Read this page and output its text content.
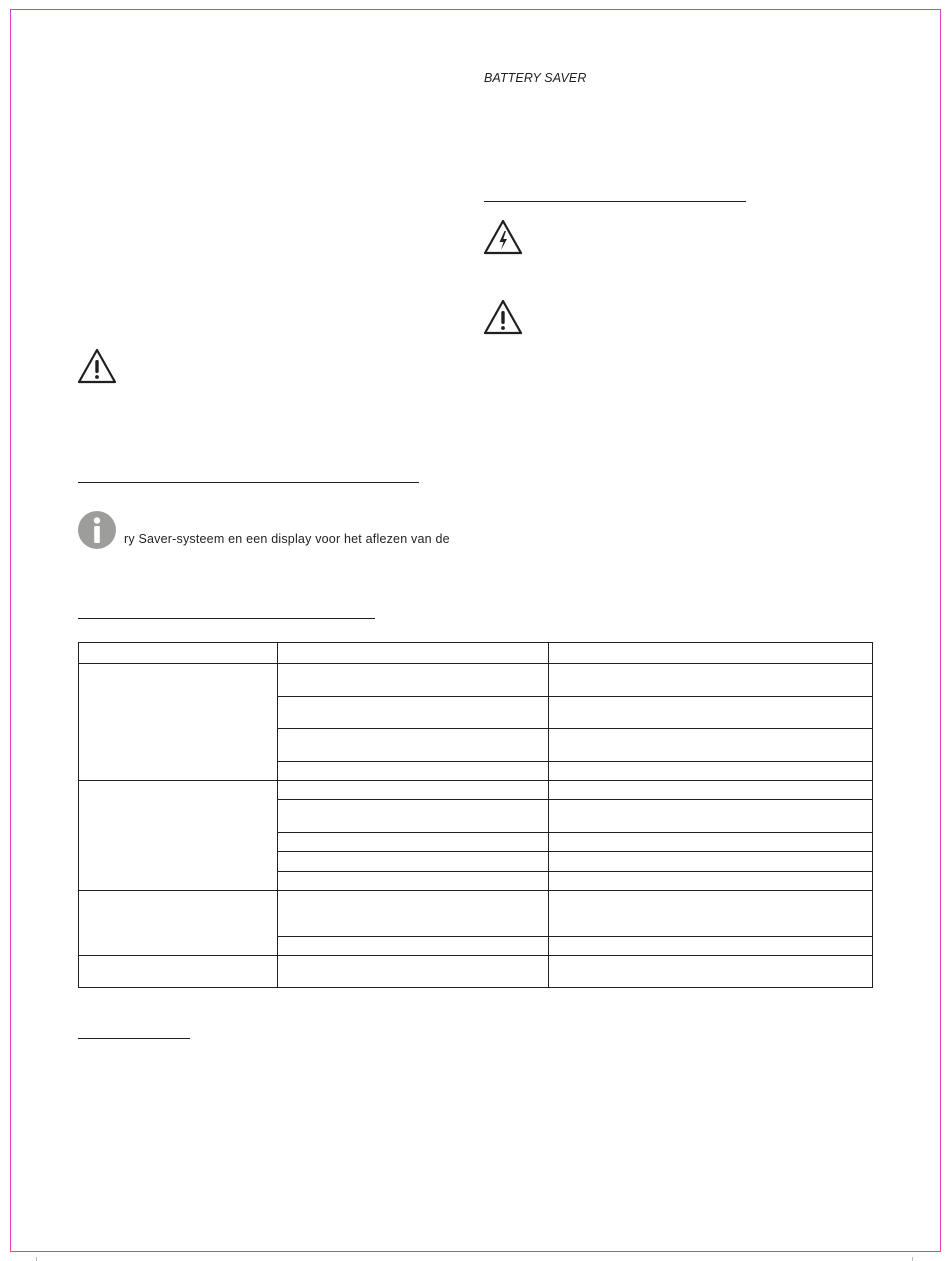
BATTERY SAVER
ry Saver-systeem en een display voor het aflezen van de
